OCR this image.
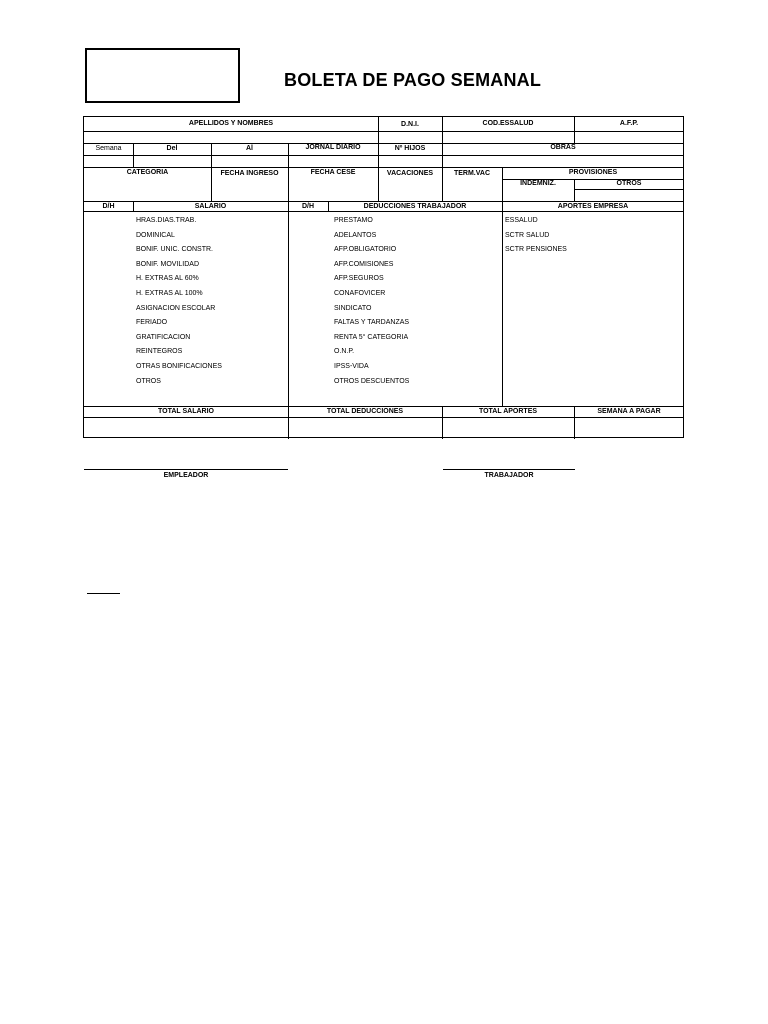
BOLETA DE PAGO SEMANAL
APELLIDOS Y NOMBRES	D.N.I.	COD.ESSALUD	A.F.P.
Semana	Del	Al	JORNAL DIARIO	Nº HIJOS	OBRAS
CATEGORIA	FECHA INGRESO	FECHA CESE	VACACIONES	TERM.VAC	PROVISIONES
INDEMNIZ.	OTROS
D/H	SALARIO	D/H	DEDUCCIONES TRABAJADOR	APORTES EMPRESA
HRAS.DIAS.TRAB.
DOMINICAL
BONIF. UNIC. CONSTR.
BONIF. MOVILIDAD
H. EXTRAS AL 60%
H. EXTRAS AL 100%
ASIGNACION ESCOLAR
FERIADO
GRATIFICACION
REINTEGROS
OTRAS BONIFICACIONES
OTROS
PRESTAMO
ADELANTOS
AFP.OBLIGATORIO
AFP.COMISIONES
AFP.SEGUROS
CONAFOVICER
SINDICATO
FALTAS Y TARDANZAS
RENTA 5° CATEGORIA
O.N.P.
IPSS-VIDA
OTROS DESCUENTOS
ESSALUD
SCTR SALUD
SCTR PENSIONES
TOTAL SALARIO	TOTAL DEDUCCIONES	TOTAL APORTES	SEMANA A PAGAR
EMPLEADOR	TRABAJADOR
